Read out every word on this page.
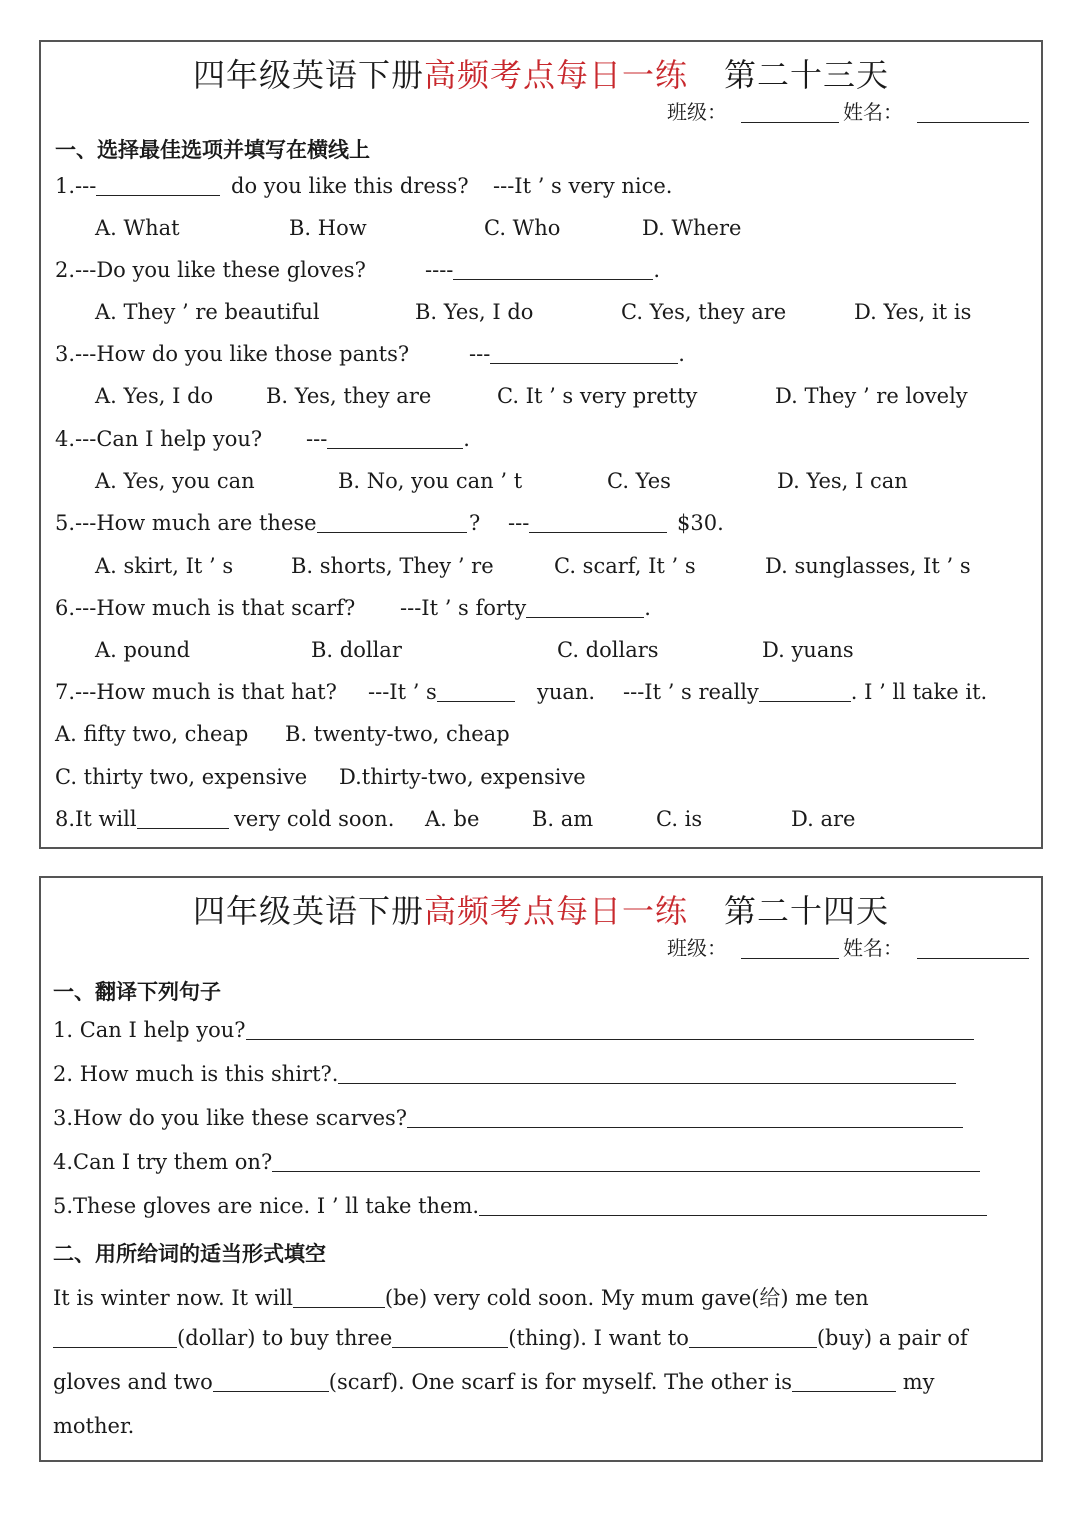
四年级英语下册高频考点每日一练 第二十三天
班级：	姓名：
一、选择最佳选项并填写在横线上
1.---	do you like this dress? ---It ’ s very nice.
A. What	B. How	C. Who	D. Where
2.---Do you like these gloves?	----	.
A. They ’ re beautiful	B. Yes, I do	C. Yes, they are	D. Yes, it is
3.---How do you like those pants?	---	.
A. Yes, I do	B. Yes, they are	C. It ’ s very pretty	D. They ’ re lovely
4.---Can I help you? ---	.
A. Yes, you can	B. No, you can ’ t	C. Yes	D. Yes, I can
5.---How much are these	? ---	$30.
A. skirt, It ’ s	B. shorts, They ’ re	C. scarf, It ’ s	D. sunglasses, It ’ s
6.---How much is that scarf? ---It ’ s forty	.
A. pound	B. dollar	C. dollars	D. yuans
7.---How much is that hat? ---It ’ s	yuan. ---It ’ s really	. I ’ ll take it.
A. fifty two, cheap B. twenty-two, cheap
C. thirty two, expensive D.thirty-two, expensive
8.It will	very cold soon. A. be	B. am	C. is	D. are
四年级英语下册高频考点每日一练 第二十四天
班级：	姓名：
一、翻译下列句子
1. Can I help you?
2. How much is this shirt?.
3.How do you like these scarves?
4.Can I try them on?
5.These gloves are nice. I ’ ll take them.
二、用所给词的适当形式填空
It is winter now. It will	(be) very cold soon. My mum gave(给) me ten
(dollar) to buy three	(thing). I want to	(buy) a pair of
gloves and two	(scarf). One scarf is for myself. The other is	my
mother.
